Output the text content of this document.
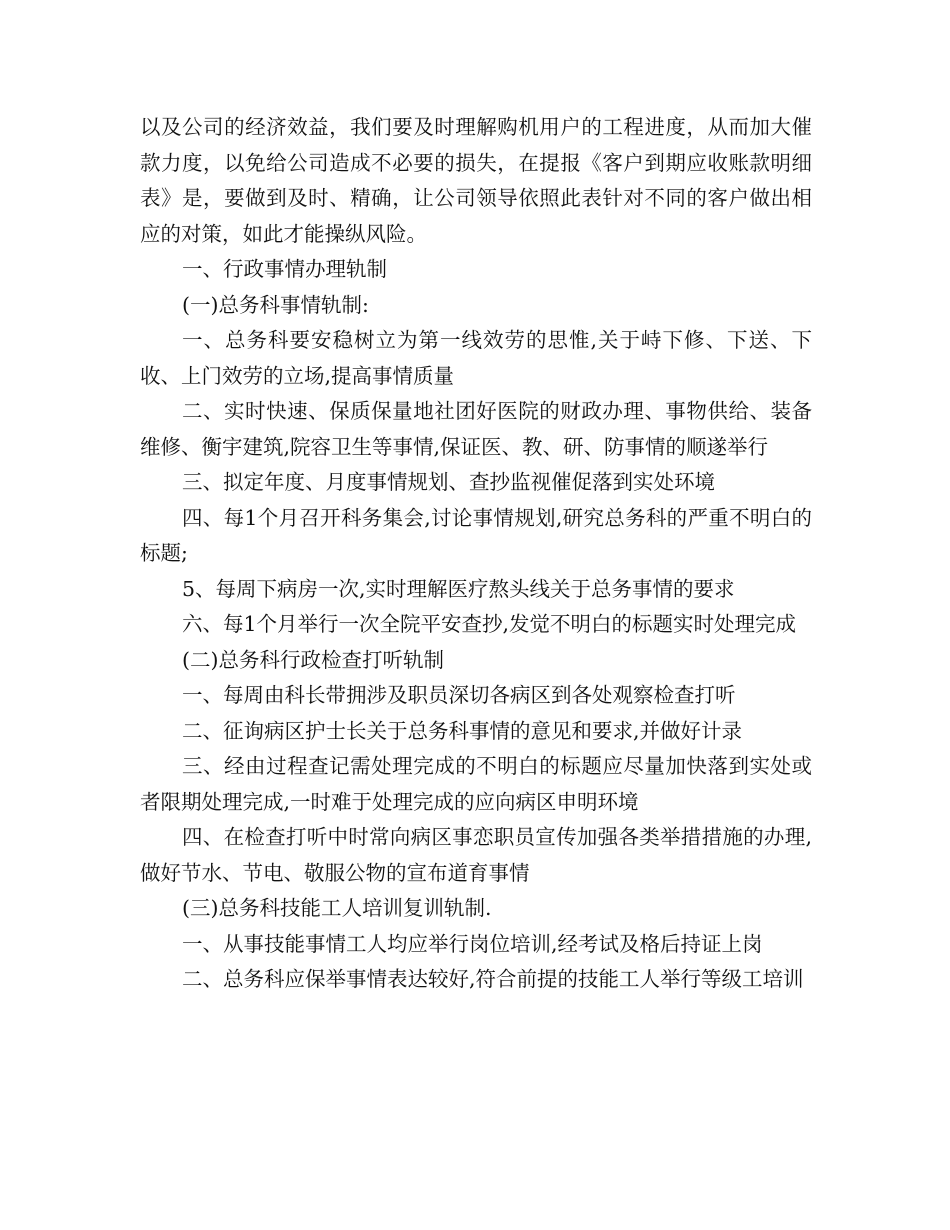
以及公司的经济效益，我们要及时理解购机用户的工程进度，从而加大催款力度，以免给公司造成不必要的损失，在提报《客户到期应收账款明细表》是，要做到及时、精确，让公司领导依照此表针对不同的客户做出相应的对策，如此才能操纵风险。

一、行政事情办理轨制

(一)总务科事情轨制:

一、总务科要安稳树立为第一线效劳的思惟,关于峙下修、下送、下收、上门效劳的立场,提高事情质量

二、实时快速、保质保量地社团好医院的财政办理、事物供给、装备维修、衡宇建筑,院容卫生等事情,保证医、教、研、防事情的顺遂举行

三、拟定年度、月度事情规划、查抄监视催促落到实处环境

四、每1个月召开科务集会,讨论事情规划,研究总务科的严重不明白的标题;

5、每周下病房一次,实时理解医疗熬头线关于总务事情的要求

六、每1个月举行一次全院平安查抄,发觉不明白的标题实时处理完成

(二)总务科行政检查打听轨制

一、每周由科长带拥涉及职员深切各病区到各处观察检查打听

二、征询病区护士长关于总务科事情的意见和要求,并做好计录

三、经由过程查记需处理完成的不明白的标题应尽量加快落到实处或者限期处理完成,一时难于处理完成的应向病区申明环境

四、在检查打听中时常向病区事恋职员宣传加强各类举措措施的办理,做好节水、节电、敬服公物的宣布道育事情

(三)总务科技能工人培训复训轨制.

一、从事技能事情工人均应举行岗位培训,经考试及格后持证上岗

二、总务科应保举事情表达较好,符合前提的技能工人举行等级工培训
